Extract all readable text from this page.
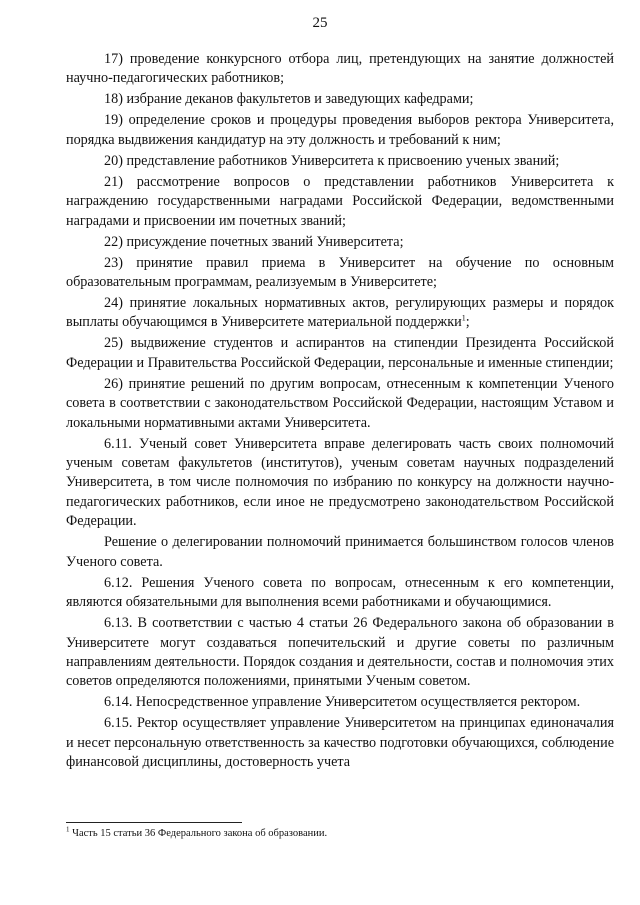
25

17) проведение конкурсного отбора лиц, претендующих на занятие должностей научно-педагогических работников;

18) избрание деканов факультетов и заведующих кафедрами;

19) определение сроков и процедуры проведения выборов ректора Университета, порядка выдвижения кандидатур на эту должность и требований к ним;

20) представление работников Университета к присвоению ученых званий;

21) рассмотрение вопросов о представлении работников Университета к награждению государственными наградами Российской Федерации, ведомственными наградами и присвоении им почетных званий;

22) присуждение почетных званий Университета;

23) принятие правил приема в Университет на обучение по основным образовательным программам, реализуемым в Университете;

24) принятие локальных нормативных актов, регулирующих размеры и порядок выплаты обучающимся в Университете материальной поддержки$^1$;

25) выдвижение студентов и аспирантов на стипендии Президента Российской Федерации и Правительства Российской Федерации, персональные и именные стипендии;

26) принятие решений по другим вопросам, отнесенным к компетенции Ученого совета в соответствии с законодательством Российской Федерации, настоящим Уставом и локальными нормативными актами Университета.

6.11. Ученый совет Университета вправе делегировать часть своих полномочий ученым советам факультетов (институтов), ученым советам научных подразделений Университета, в том числе полномочия по избранию по конкурсу на должности научно-педагогических работников, если иное не предусмотрено законодательством Российской Федерации.

Решение о делегировании полномочий принимается большинством голосов членов Ученого совета.

6.12. Решения Ученого совета по вопросам, отнесенным к его компетенции, являются обязательными для выполнения всеми работниками и обучающимися.

6.13. В соответствии с частью 4 статьи 26 Федерального закона об образовании в Университете могут создаваться попечительский и другие советы по различным направлениям деятельности. Порядок создания и деятельности, состав и полномочия этих советов определяются положениями, принятыми Ученым советом.

6.14. Непосредственное управление Университетом осуществляется ректором.

6.15. Ректор осуществляет управление Университетом на принципах единоначалия и несет персональную ответственность за качество подготовки обучающихся, соблюдение финансовой дисциплины, достоверность учета

$^1$ Часть 15 статьи 36 Федерального закона об образовании.
